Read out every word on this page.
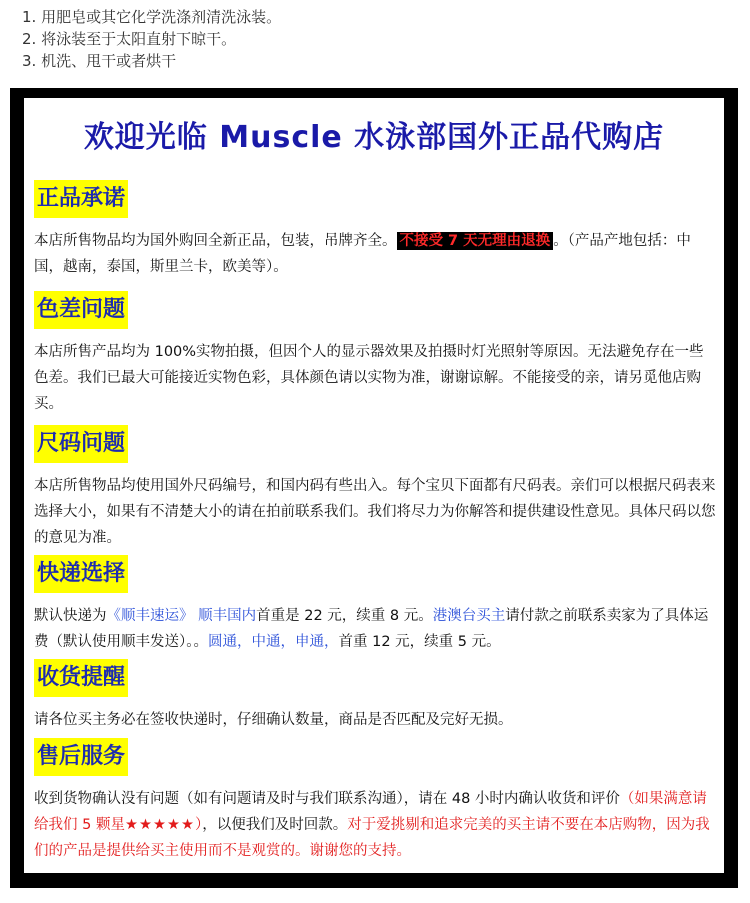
1. 用肥皂或其它化学洗涤剂清洗泳装。
2. 将泳装至于太阳直射下晾干。
3. 机洗、甩干或者烘干
欢迎光临 Muscle 水泳部国外正品代购店
正品承诺
本店所售物品均为国外购回全新正品，包装，吊牌齐全。 不接受 7 天无理由退换 。（产品产地包括：中国，越南，泰国，斯里兰卡，欧美等）。
色差问题
本店所售产品均为 100%实物拍摄，但因个人的显示器效果及拍摄时灯光照射等原因。无法避免存在一些色差。我们已最大可能接近实物色彩，具体颜色请以实物为准，谢谢谅解。不能接受的亲，请另觅他店购买。
尺码问题
本店所售物品均使用国外尺码编号，和国内码有些出入。每个宝贝下面都有尺码表。亲们可以根据尺码表来选择大小，如果有不清楚大小的请在拍前联系我们。我们将尽力为你解答和提供建设性意见。具体尺码以您的意见为准。
快递选择
默认快递为《顺丰速运》 顺丰国内首重是 22 元，续重 8 元。港澳台买主请付款之前联系卖家为了具体运费（默认使用顺丰发送）。。圆通，中通，申通，首重 12 元，续重 5 元。
收货提醒
请各位买主务必在签收快递时，仔细确认数量，商品是否匹配及完好无损。
售后服务
收到货物确认没有问题（如有问题请及时与我们联系沟通），请在 48 小时内确认收货和评价（如果满意请给我们 5 颗星★★★★★），以便我们及时回款。对于爱挑剔和追求完美的买主请不要在本店购物，因为我们的产品是提供给买主使用而不是观赏的。谢谢您的支持。
